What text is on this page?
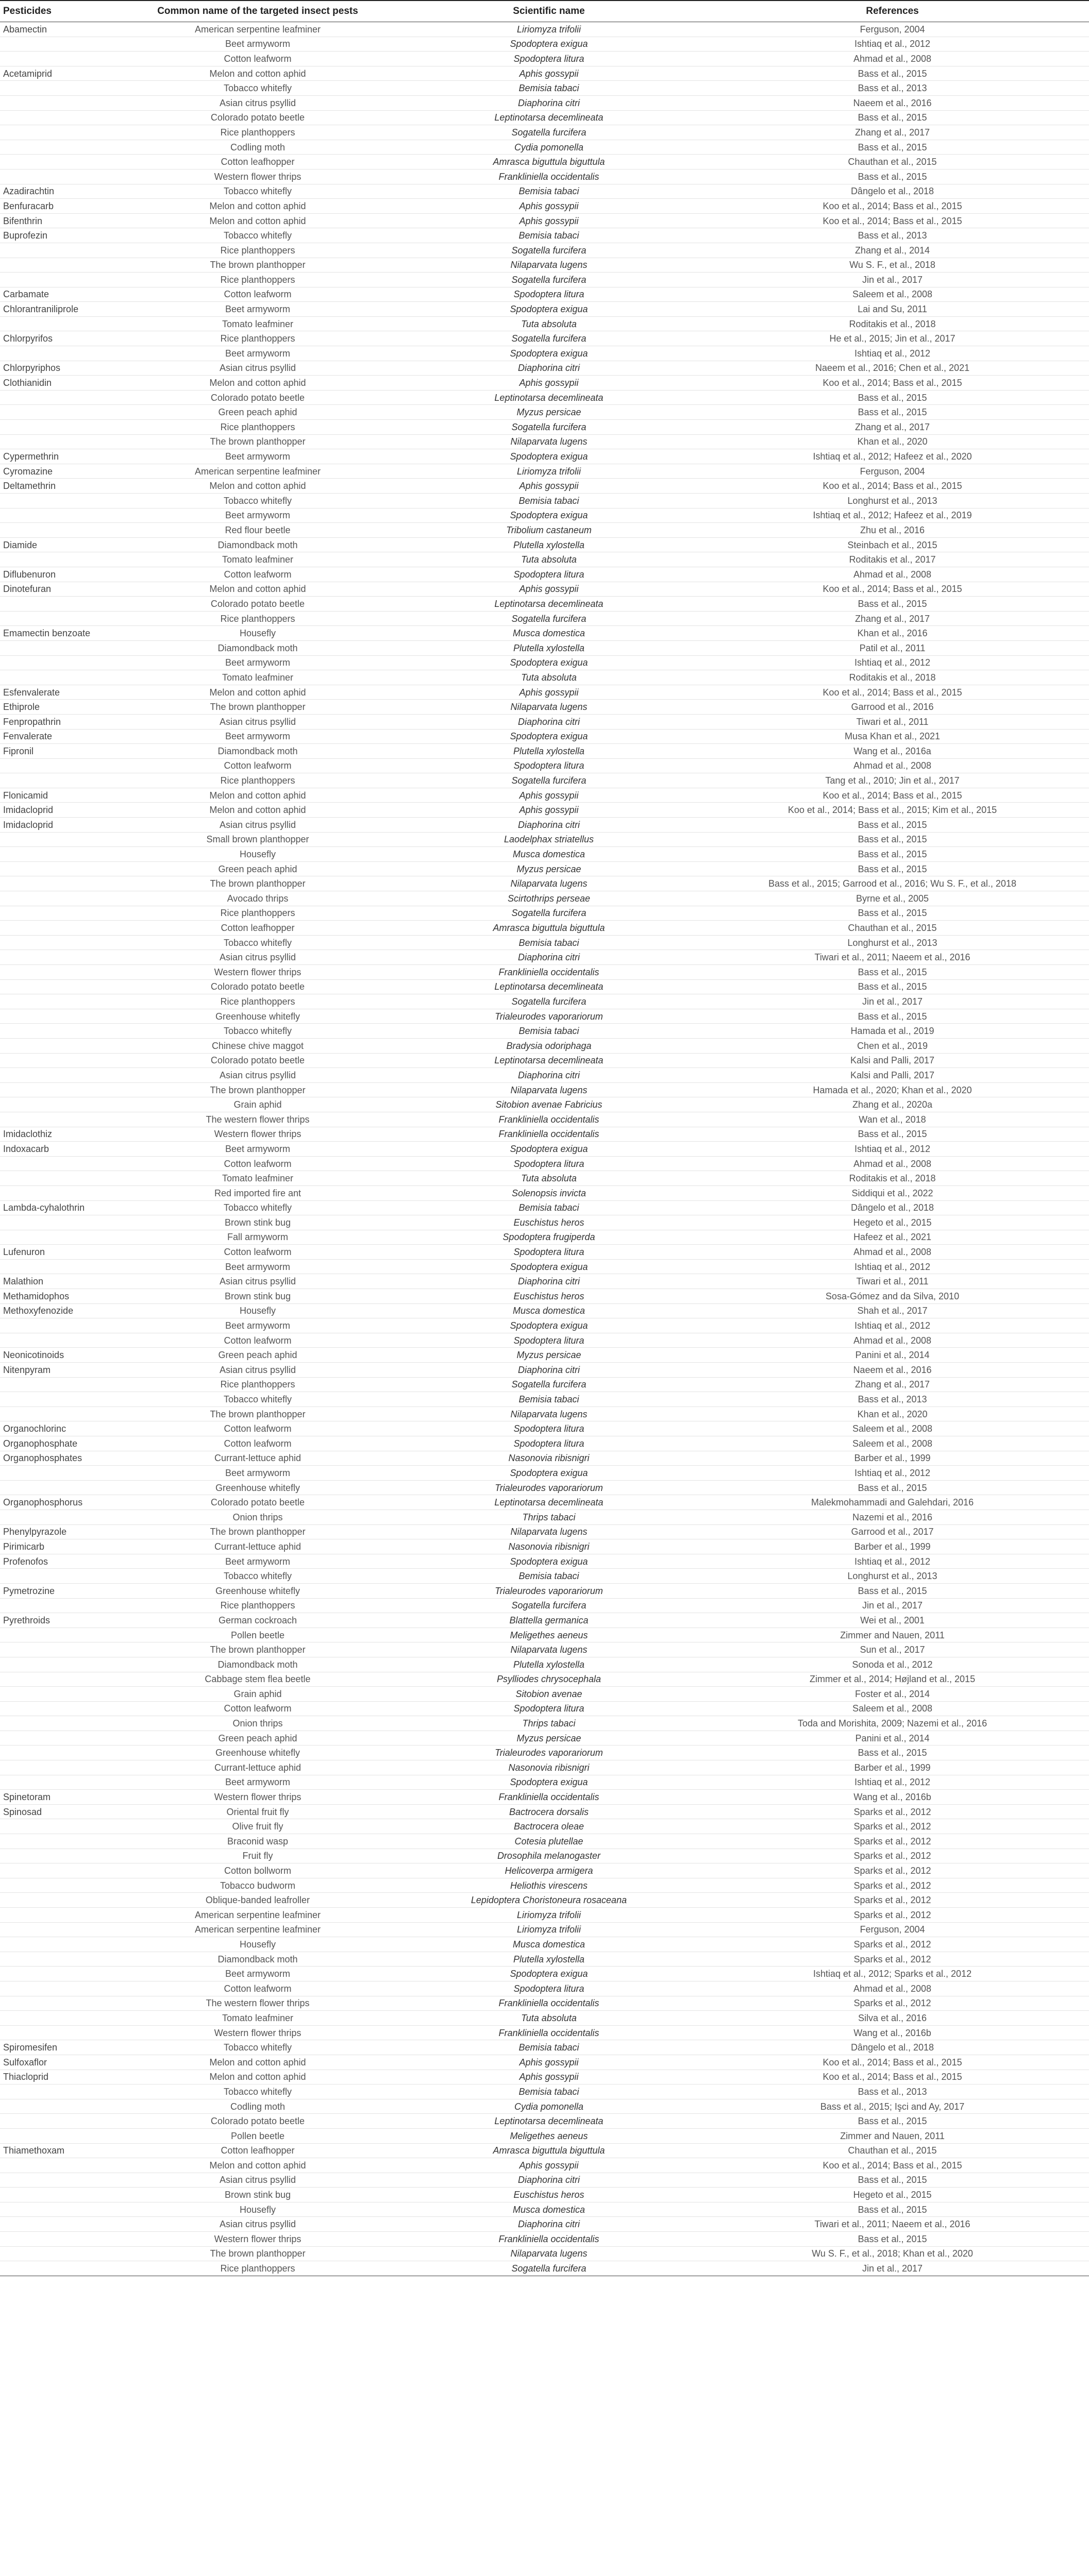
Pesticides	Common name of the targeted insect pests	Scientific name	References
Abamectin	American serpentine leafminer	Liriomyza trifolii	Ferguson, 2004
	Beet armyworm	Spodoptera exigua	Ishtiaq et al., 2012
	Cotton leafworm	Spodoptera litura	Ahmad et al., 2008
Acetamiprid	Melon and cotton aphid	Aphis gossypii	Bass et al., 2015
	Tobacco whitefly	Bemisia tabaci	Bass et al., 2013
	Asian citrus psyllid	Diaphorina citri	Naeem et al., 2016
	Colorado potato beetle	Leptinotarsa decemlineata	Bass et al., 2015
	Rice planthoppers	Sogatella furcifera	Zhang et al., 2017
	Codling moth	Cydia pomonella	Bass et al., 2015
	Cotton leafhopper	Amrasca biguttula biguttula	Chauthan et al., 2015
	Western flower thrips	Frankliniella occidentalis	Bass et al., 2015
Azadirachtin	Tobacco whitefly	Bemisia tabaci	Dângelo et al., 2018
Benfuracarb	Melon and cotton aphid	Aphis gossypii	Koo et al., 2014; Bass et al., 2015
Bifenthrin	Melon and cotton aphid	Aphis gossypii	Koo et al., 2014; Bass et al., 2015
Buprofezin	Tobacco whitefly	Bemisia tabaci	Bass et al., 2013
	Rice planthoppers	Sogatella furcifera	Zhang et al., 2014
	The brown planthopper	Nilaparvata lugens	Wu S. F., et al., 2018
	Rice planthoppers	Sogatella furcifera	Jin et al., 2017
Carbamate	Cotton leafworm	Spodoptera litura	Saleem et al., 2008
Chlorantraniliprole	Beet armyworm	Spodoptera exigua	Lai and Su, 2011
	Tomato leafminer	Tuta absoluta	Roditakis et al., 2018
Chlorpyrifos	Rice planthoppers	Sogatella furcifera	He et al., 2015; Jin et al., 2017
	Beet armyworm	Spodoptera exigua	Ishtiaq et al., 2012
Chlorpyriphos	Asian citrus psyllid	Diaphorina citri	Naeem et al., 2016; Chen et al., 2021
Clothianidin	Melon and cotton aphid	Aphis gossypii	Koo et al., 2014; Bass et al., 2015
	Colorado potato beetle	Leptinotarsa decemlineata	Bass et al., 2015
	Green peach aphid	Myzus persicae	Bass et al., 2015
	Rice planthoppers	Sogatella furcifera	Zhang et al., 2017
	The brown planthopper	Nilaparvata lugens	Khan et al., 2020
Cypermethrin	Beet armyworm	Spodoptera exigua	Ishtiaq et al., 2012; Hafeez et al., 2020
Cyromazine	American serpentine leafminer	Liriomyza trifolii	Ferguson, 2004
Deltamethrin	Melon and cotton aphid	Aphis gossypii	Koo et al., 2014; Bass et al., 2015
	Tobacco whitefly	Bemisia tabaci	Longhurst et al., 2013
	Beet armyworm	Spodoptera exigua	Ishtiaq et al., 2012; Hafeez et al., 2019
	Red flour beetle	Tribolium castaneum	Zhu et al., 2016
Diamide	Diamondback moth	Plutella xylostella	Steinbach et al., 2015
	Tomato leafminer	Tuta absoluta	Roditakis et al., 2017
Diflubenuron	Cotton leafworm	Spodoptera litura	Ahmad et al., 2008
Dinotefuran	Melon and cotton aphid	Aphis gossypii	Koo et al., 2014; Bass et al., 2015
	Colorado potato beetle	Leptinotarsa decemlineata	Bass et al., 2015
	Rice planthoppers	Sogatella furcifera	Zhang et al., 2017
Emamectin benzoate	Housefly	Musca domestica	Khan et al., 2016
	Diamondback moth	Plutella xylostella	Patil et al., 2011
	Beet armyworm	Spodoptera exigua	Ishtiaq et al., 2012
	Tomato leafminer	Tuta absoluta	Roditakis et al., 2018
Esfenvalerate	Melon and cotton aphid	Aphis gossypii	Koo et al., 2014; Bass et al., 2015
Ethiprole	The brown planthopper	Nilaparvata lugens	Garrood et al., 2016
Fenpropathrin	Asian citrus psyllid	Diaphorina citri	Tiwari et al., 2011
Fenvalerate	Beet armyworm	Spodoptera exigua	Musa Khan et al., 2021
Fipronil	Diamondback moth	Plutella xylostella	Wang et al., 2016a
	Cotton leafworm	Spodoptera litura	Ahmad et al., 2008
	Rice planthoppers	Sogatella furcifera	Tang et al., 2010; Jin et al., 2017
Flonicamid	Melon and cotton aphid	Aphis gossypii	Koo et al., 2014; Bass et al., 2015
Imidacloprid	Melon and cotton aphid	Aphis gossypii	Koo et al., 2014; Bass et al., 2015; Kim et al., 2015
Imidacloprid	Asian citrus psyllid	Diaphorina citri	Bass et al., 2015
	Small brown planthopper	Laodelphax striatellus	Bass et al., 2015
	Housefly	Musca domestica	Bass et al., 2015
	Green peach aphid	Myzus persicae	Bass et al., 2015
	The brown planthopper	Nilaparvata lugens	Bass et al., 2015; Garrood et al., 2016; Wu S. F., et al., 2018
	Avocado thrips	Scirtothrips perseae	Byrne et al., 2005
	Rice planthoppers	Sogatella furcifera	Bass et al., 2015
	Cotton leafhopper	Amrasca biguttula biguttula	Chauthan et al., 2015
	Tobacco whitefly	Bemisia tabaci	Longhurst et al., 2013
	Asian citrus psyllid	Diaphorina citri	Tiwari et al., 2011; Naeem et al., 2016
	Western flower thrips	Frankliniella occidentalis	Bass et al., 2015
	Colorado potato beetle	Leptinotarsa decemlineata	Bass et al., 2015
	Rice planthoppers	Sogatella furcifera	Jin et al., 2017
	Greenhouse whitefly	Trialeurodes vaporariorum	Bass et al., 2015
	Tobacco whitefly	Bemisia tabaci	Hamada et al., 2019
	Chinese chive maggot	Bradysia odoriphaga	Chen et al., 2019
	Colorado potato beetle	Leptinotarsa decemlineata	Kalsi and Palli, 2017
	Asian citrus psyllid	Diaphorina citri	Kalsi and Palli, 2017
	The brown planthopper	Nilaparvata lugens	Hamada et al., 2020; Khan et al., 2020
	Grain aphid	Sitobion avenae Fabricius	Zhang et al., 2020a
	The western flower thrips	Frankliniella occidentalis	Wan et al., 2018
Imidaclothiz	Western flower thrips	Frankliniella occidentalis	Bass et al., 2015
Indoxacarb	Beet armyworm	Spodoptera exigua	Ishtiaq et al., 2012
	Cotton leafworm	Spodoptera litura	Ahmad et al., 2008
	Tomato leafminer	Tuta absoluta	Roditakis et al., 2018
	Red imported fire ant	Solenopsis invicta	Siddiqui et al., 2022
Lambda-cyhalothrin	Tobacco whitefly	Bemisia tabaci	Dângelo et al., 2018
	Brown stink bug	Euschistus heros	Hegeto et al., 2015
	Fall armyworm	Spodoptera frugiperda	Hafeez et al., 2021
Lufenuron	Cotton leafworm	Spodoptera litura	Ahmad et al., 2008
	Beet armyworm	Spodoptera exigua	Ishtiaq et al., 2012
Malathion	Asian citrus psyllid	Diaphorina citri	Tiwari et al., 2011
Methamidophos	Brown stink bug	Euschistus heros	Sosa-Gómez and da Silva, 2010
Methoxyfenozide	Housefly	Musca domestica	Shah et al., 2017
	Beet armyworm	Spodoptera exigua	Ishtiaq et al., 2012
	Cotton leafworm	Spodoptera litura	Ahmad et al., 2008
Neonicotinoids	Green peach aphid	Myzus persicae	Panini et al., 2014
Nitenpyram	Asian citrus psyllid	Diaphorina citri	Naeem et al., 2016
	Rice planthoppers	Sogatella furcifera	Zhang et al., 2017
	Tobacco whitefly	Bemisia tabaci	Bass et al., 2013
	The brown planthopper	Nilaparvata lugens	Khan et al., 2020
Organochlorinc	Cotton leafworm	Spodoptera litura	Saleem et al., 2008
Organophosphate	Cotton leafworm	Spodoptera litura	Saleem et al., 2008
Organophosphates	Currant-lettuce aphid	Nasonovia ribisnigri	Barber et al., 1999
	Beet armyworm	Spodoptera exigua	Ishtiaq et al., 2012
	Greenhouse whitefly	Trialeurodes vaporariorum	Bass et al., 2015
Organophosphorus	Colorado potato beetle	Leptinotarsa decemlineata	Malekmohammadi and Galehdari, 2016
	Onion thrips	Thrips tabaci	Nazemi et al., 2016
Phenylpyrazole	The brown planthopper	Nilaparvata lugens	Garrood et al., 2017
Pirimicarb	Currant-lettuce aphid	Nasonovia ribisnigri	Barber et al., 1999
Profenofos	Beet armyworm	Spodoptera exigua	Ishtiaq et al., 2012
	Tobacco whitefly	Bemisia tabaci	Longhurst et al., 2013
Pymetrozine	Greenhouse whitefly	Trialeurodes vaporariorum	Bass et al., 2015
	Rice planthoppers	Sogatella furcifera	Jin et al., 2017
Pyrethroids	German cockroach	Blattella germanica	Wei et al., 2001
	Pollen beetle	Meligethes aeneus	Zimmer and Nauen, 2011
	The brown planthopper	Nilaparvata lugens	Sun et al., 2017
	Diamondback moth	Plutella xylostella	Sonoda et al., 2012
	Cabbage stem flea beetle	Psylliodes chrysocephala	Zimmer et al., 2014; Højland et al., 2015
	Grain aphid	Sitobion avenae	Foster et al., 2014
	Cotton leafworm	Spodoptera litura	Saleem et al., 2008
	Onion thrips	Thrips tabaci	Toda and Morishita, 2009; Nazemi et al., 2016
	Green peach aphid	Myzus persicae	Panini et al., 2014
	Greenhouse whitefly	Trialeurodes vaporariorum	Bass et al., 2015
	Currant-lettuce aphid	Nasonovia ribisnigri	Barber et al., 1999
	Beet armyworm	Spodoptera exigua	Ishtiaq et al., 2012
Spinetoram	Western flower thrips	Frankliniella occidentalis	Wang et al., 2016b
Spinosad	Oriental fruit fly	Bactrocera dorsalis	Sparks et al., 2012
	Olive fruit fly	Bactrocera oleae	Sparks et al., 2012
	Braconid wasp	Cotesia plutellae	Sparks et al., 2012
	Fruit fly	Drosophila melanogaster	Sparks et al., 2012
	Cotton bollworm	Helicoverpa armigera	Sparks et al., 2012
	Tobacco budworm	Heliothis virescens	Sparks et al., 2012
	Oblique-banded leafroller	Lepidoptera Choristoneura rosaceana	Sparks et al., 2012
	American serpentine leafminer	Liriomyza trifolii	Sparks et al., 2012
	American serpentine leafminer	Liriomyza trifolii	Ferguson, 2004
	Housefly	Musca domestica	Sparks et al., 2012
	Diamondback moth	Plutella xylostella	Sparks et al., 2012
	Beet armyworm	Spodoptera exigua	Ishtiaq et al., 2012; Sparks et al., 2012
	Cotton leafworm	Spodoptera litura	Ahmad et al., 2008
	The western flower thrips	Frankliniella occidentalis	Sparks et al., 2012
	Tomato leafminer	Tuta absoluta	Silva et al., 2016
	Western flower thrips	Frankliniella occidentalis	Wang et al., 2016b
Spiromesifen	Tobacco whitefly	Bemisia tabaci	Dângelo et al., 2018
Sulfoxaflor	Melon and cotton aphid	Aphis gossypii	Koo et al., 2014; Bass et al., 2015
Thiacloprid	Melon and cotton aphid	Aphis gossypii	Koo et al., 2014; Bass et al., 2015
	Tobacco whitefly	Bemisia tabaci	Bass et al., 2013
	Codling moth	Cydia pomonella	Bass et al., 2015; Işci and Ay, 2017
	Colorado potato beetle	Leptinotarsa decemlineata	Bass et al., 2015
	Pollen beetle	Meligethes aeneus	Zimmer and Nauen, 2011
Thiamethoxam	Cotton leafhopper	Amrasca biguttula biguttula	Chauthan et al., 2015
	Melon and cotton aphid	Aphis gossypii	Koo et al., 2014; Bass et al., 2015
	Asian citrus psyllid	Diaphorina citri	Bass et al., 2015
	Brown stink bug	Euschistus heros	Hegeto et al., 2015
	Housefly	Musca domestica	Bass et al., 2015
	Asian citrus psyllid	Diaphorina citri	Tiwari et al., 2011; Naeem et al., 2016
	Western flower thrips	Frankliniella occidentalis	Bass et al., 2015
	The brown planthopper	Nilaparvata lugens	Wu S. F., et al., 2018; Khan et al., 2020
	Rice planthoppers	Sogatella furcifera	Jin et al., 2017
